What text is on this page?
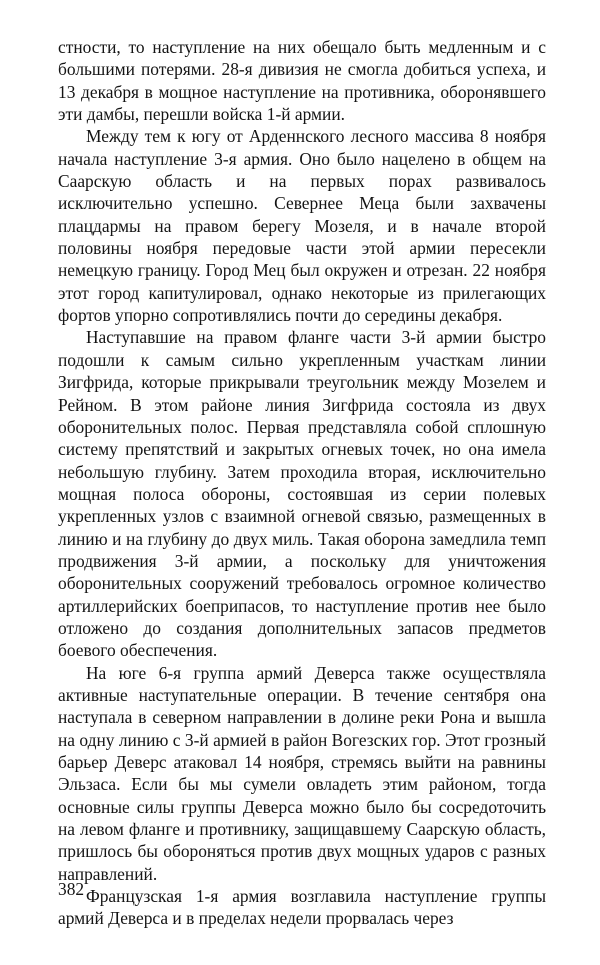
стности, то наступление на них обещало быть медленным и с большими потерями. 28-я дивизия не смогла добиться успеха, и 13 декабря в мощное наступление на противника, оборонявшего эти дамбы, перешли войска 1-й армии.

Между тем к югу от Арденнского лесного массива 8 ноября начала наступление 3-я армия. Оно было нацелено в общем на Саарскую область и на первых порах развивалось исключительно успешно. Севернее Меца были захвачены плацдармы на правом берегу Мозеля, и в начале второй половины ноября передовые части этой армии пересекли немецкую границу. Город Мец был окружен и отрезан. 22 ноября этот город капитулировал, однако некоторые из прилегающих фортов упорно сопротивлялись почти до середины декабря.

Наступавшие на правом фланге части 3-й армии быстро подошли к самым сильно укрепленным участкам линии Зигфрида, которые прикрывали треугольник между Мозелем и Рейном. В этом районе линия Зигфрида состояла из двух оборонительных полос. Первая представляла собой сплошную систему препятствий и закрытых огневых точек, но она имела небольшую глубину. Затем проходила вторая, исключительно мощная полоса обороны, состоявшая из серии полевых укрепленных узлов с взаимной огневой связью, размещенных в линию и на глубину до двух миль. Такая оборона замедлила темп продвижения 3-й армии, а поскольку для уничтожения оборонительных сооружений требовалось огромное количество артиллерийских боеприпасов, то наступление против нее было отложено до создания дополнительных запасов предметов боевого обеспечения.

На юге 6-я группа армий Деверса также осуществляла активные наступательные операции. В течение сентября она наступала в северном направлении в долине реки Рона и вышла на одну линию с 3-й армией в район Вогезских гор. Этот грозный барьер Деверс атаковал 14 ноября, стремясь выйти на равнины Эльзаса. Если бы мы сумели овладеть этим районом, тогда основные силы группы Деверса можно было бы сосредоточить на левом фланге и противнику, защищавшему Саарскую область, пришлось бы обороняться против двух мощных ударов с разных направлений.

Французская 1-я армия возглавила наступление группы армий Деверса и в пределах недели прорвалась через

382
